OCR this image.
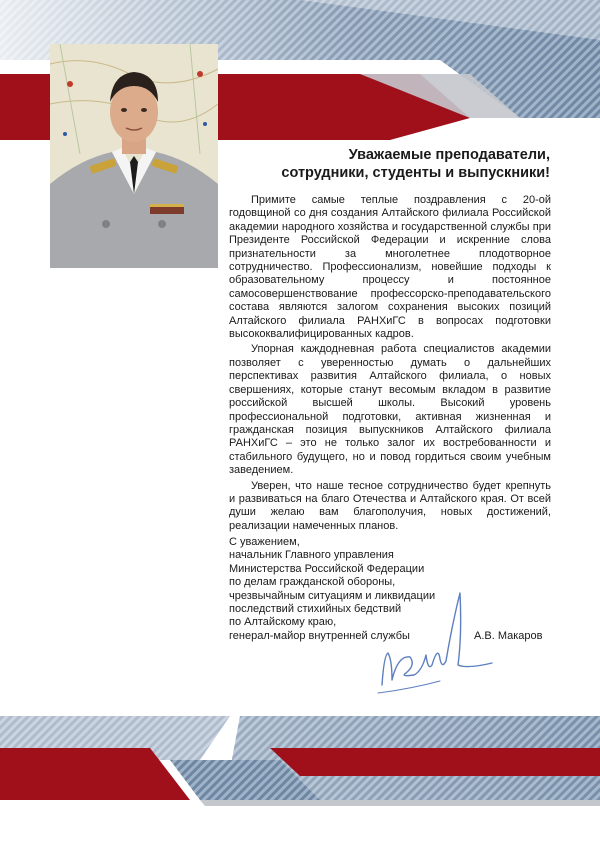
Уважаемые преподаватели,
сотрудники, студенты и выпускники!

Примите самые теплые поздравления с 20-ой годовщиной со дня создания Алтайского филиала Российской академии народного хозяйства и государственной службы при Президенте Российской Федерации и искренние слова признательности за многолетнее плодотворное сотрудничество. Профессионализм, новейшие подходы к образовательному процессу и постоянное самосовершенствование профессорско-преподавательского состава являются залогом сохранения высоких позиций Алтайского филиала РАНХиГС в вопросах подготовки высококвалифицированных кадров.

Упорная каждодневная работа специалистов академии позволяет с уверенностью думать о дальнейших перспективах развития Алтайского филиала, о новых свершениях, которые станут весомым вкладом в развитие российской высшей школы. Высокий уровень профессиональной подготовки, активная жизненная и гражданская позиция выпускников Алтайского филиала РАНХиГС – это не только залог их востребованности и стабильного будущего, но и повод гордиться своим учебным заведением.

Уверен, что наше тесное сотрудничество будет крепнуть и развиваться на благо Отечества и Алтайского края. От всей души желаю вам благополучия, новых достижений, реализации намеченных планов.

С уважением,
начальник Главного управления
Министерства Российской Федерации
по делам гражданской обороны,
чрезвычайным ситуациям и ликвидации
последствий стихийных бедствий
по Алтайскому краю,
генерал-майор внутренней службы	А.В. Макаров
